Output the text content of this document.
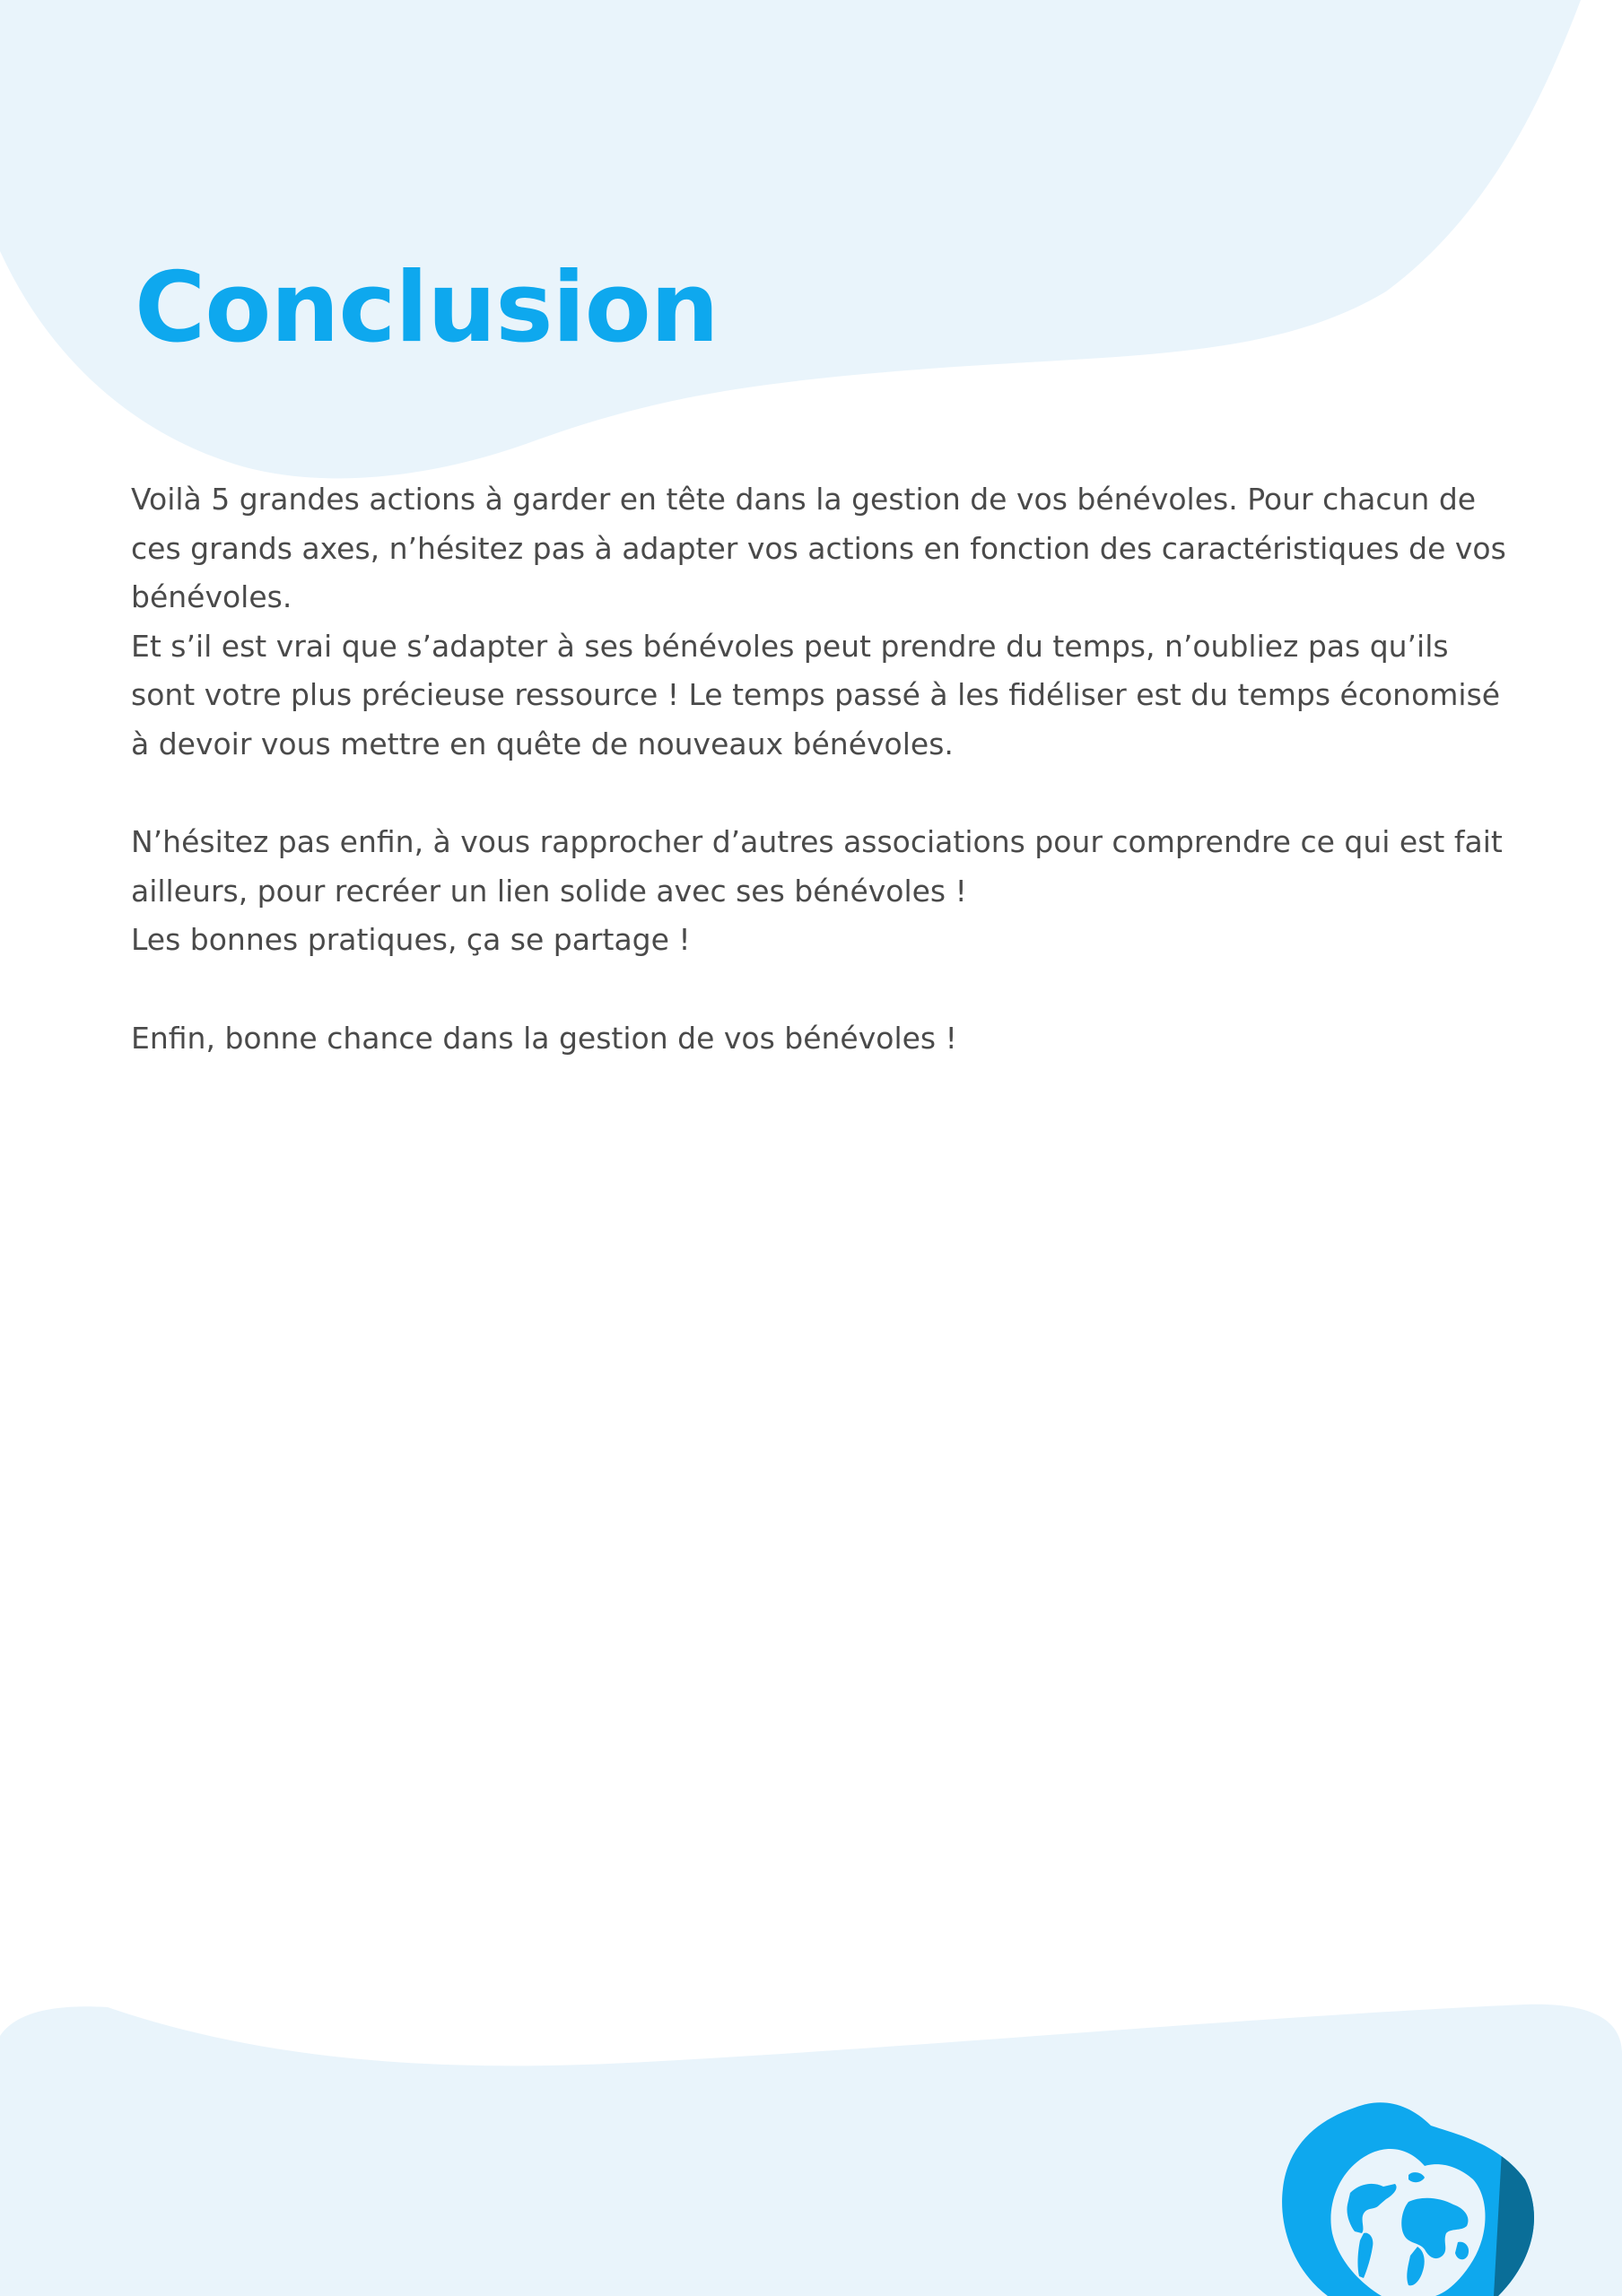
Conclusion

Voilà 5 grandes actions à garder en tête dans la gestion de vos bénévoles. Pour chacun de ces grands axes, n’hésitez pas à adapter vos actions en fonction des caractéristiques de vos bénévoles.

Et s’il est vrai que s’adapter à ses bénévoles peut prendre du temps, n’oubliez pas qu’ils sont votre plus précieuse ressource ! Le temps passé à les fidéliser est du temps économisé à devoir vous mettre en quête de nouveaux bénévoles.

N’hésitez pas enfin, à vous rapprocher d’autres associations pour comprendre ce qui est fait ailleurs, pour recréer un lien solide avec ses bénévoles !

Les bonnes pratiques, ça se partage !

Enfin, bonne chance dans la gestion de vos bénévoles !
